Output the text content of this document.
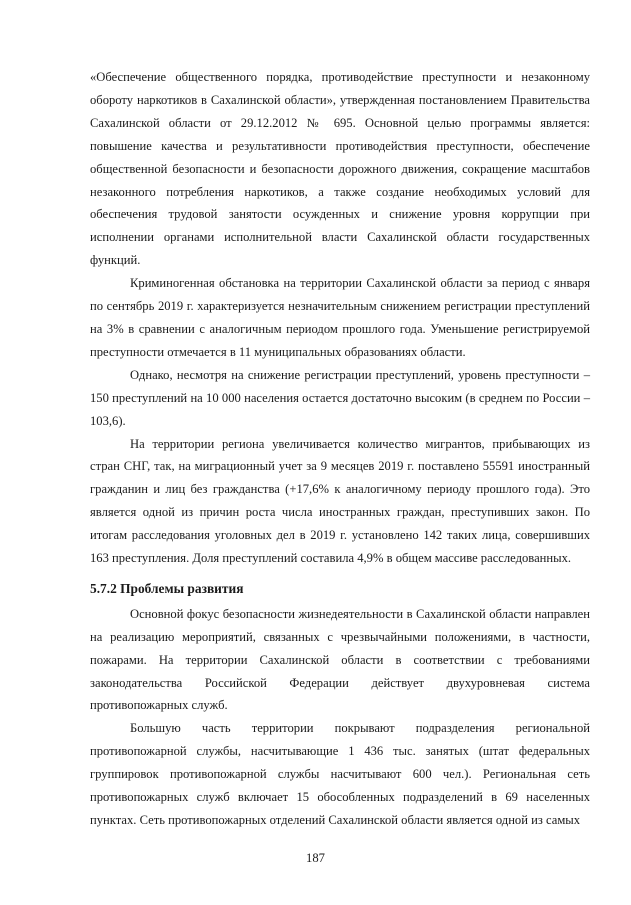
«Обеспечение общественного порядка, противодействие преступности и незаконному обороту наркотиков в Сахалинской области», утвержденная постановлением Правительства Сахалинской области от 29.12.2012 № 695. Основной целью программы является: повышение качества и результативности противодействия преступности, обеспечение общественной безопасности и безопасности дорожного движения, сокращение масштабов незаконного потребления наркотиков, а также создание необходимых условий для обеспечения трудовой занятости осужденных и снижение уровня коррупции при исполнении органами исполнительной власти Сахалинской области государственных функций.

Криминогенная обстановка на территории Сахалинской области за период с января по сентябрь 2019 г. характеризуется незначительным снижением регистрации преступлений на 3% в сравнении с аналогичным периодом прошлого года. Уменьшение регистрируемой преступности отмечается в 11 муниципальных образованиях области.

Однако, несмотря на снижение регистрации преступлений, уровень преступности – 150 преступлений на 10 000 населения остается достаточно высоким (в среднем по России – 103,6).

На территории региона увеличивается количество мигрантов, прибывающих из стран СНГ, так, на миграционный учет за 9 месяцев 2019 г. поставлено 55591 иностранный гражданин и лиц без гражданства (+17,6% к аналогичному периоду прошлого года). Это является одной из причин роста числа иностранных граждан, преступивших закон. По итогам расследования уголовных дел в 2019 г. установлено 142 таких лица, совершивших 163 преступления. Доля преступлений составила 4,9% в общем массиве расследованных.

5.7.2 Проблемы развития

Основной фокус безопасности жизнедеятельности в Сахалинской области направлен на реализацию мероприятий, связанных с чрезвычайными положениями, в частности, пожарами. На территории Сахалинской области в соответствии с требованиями законодательства Российской Федерации действует двухуровневая система противопожарных служб.

Большую часть территории покрывают подразделения региональной противопожарной службы, насчитывающие 1 436 тыс. занятых (штат федеральных группировок противопожарной службы насчитывают 600 чел.). Региональная сеть противопожарных служб включает 15 обособленных подразделений в 69 населенных пунктах. Сеть противопожарных отделений Сахалинской области является одной из самых

187
